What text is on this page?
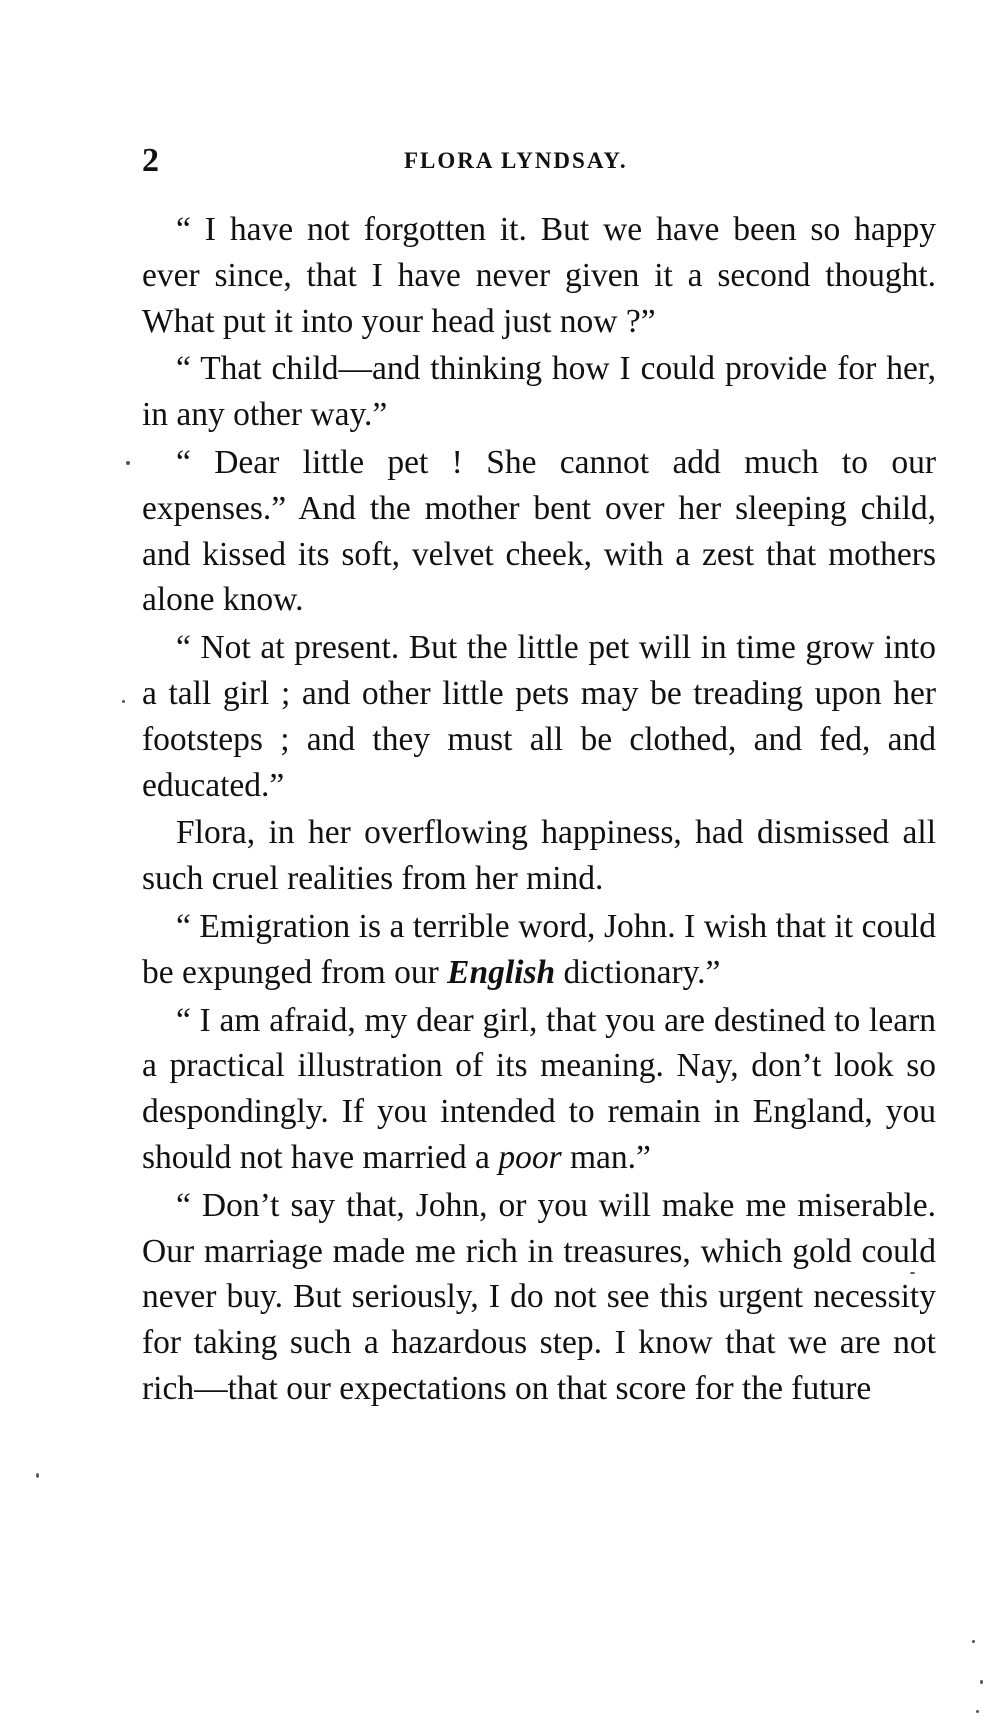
2	FLORA LYNDSAY.

“ I have not forgotten it. But we have been so happy ever since, that I have never given it a second thought. What put it into your head just now ?”

“ That child—and thinking how I could provide for her, in any other way.”

“ Dear little pet ! She cannot add much to our expenses.” And the mother bent over her sleeping child, and kissed its soft, velvet cheek, with a zest that mothers alone know.

“ Not at present. But the little pet will in time grow into a tall girl ; and other little pets may be treading upon her footsteps ; and they must all be clothed, and fed, and educated.”

Flora, in her overflowing happiness, had dismissed all such cruel realities from her mind.

“ Emigration is a terrible word, John. I wish that it could be expunged from our English dictionary.”

“ I am afraid, my dear girl, that you are destined to learn a practical illustration of its meaning. Nay, don’t look so despondingly. If you intended to remain in England, you should not have married a poor man.”

“ Don’t say that, John, or you will make me miserable. Our marriage made me rich in treasures, which gold could never buy. But seriously, I do not see this urgent necessity for taking such a hazardous step. I know that we are not rich—that our expectations on that score for the future
